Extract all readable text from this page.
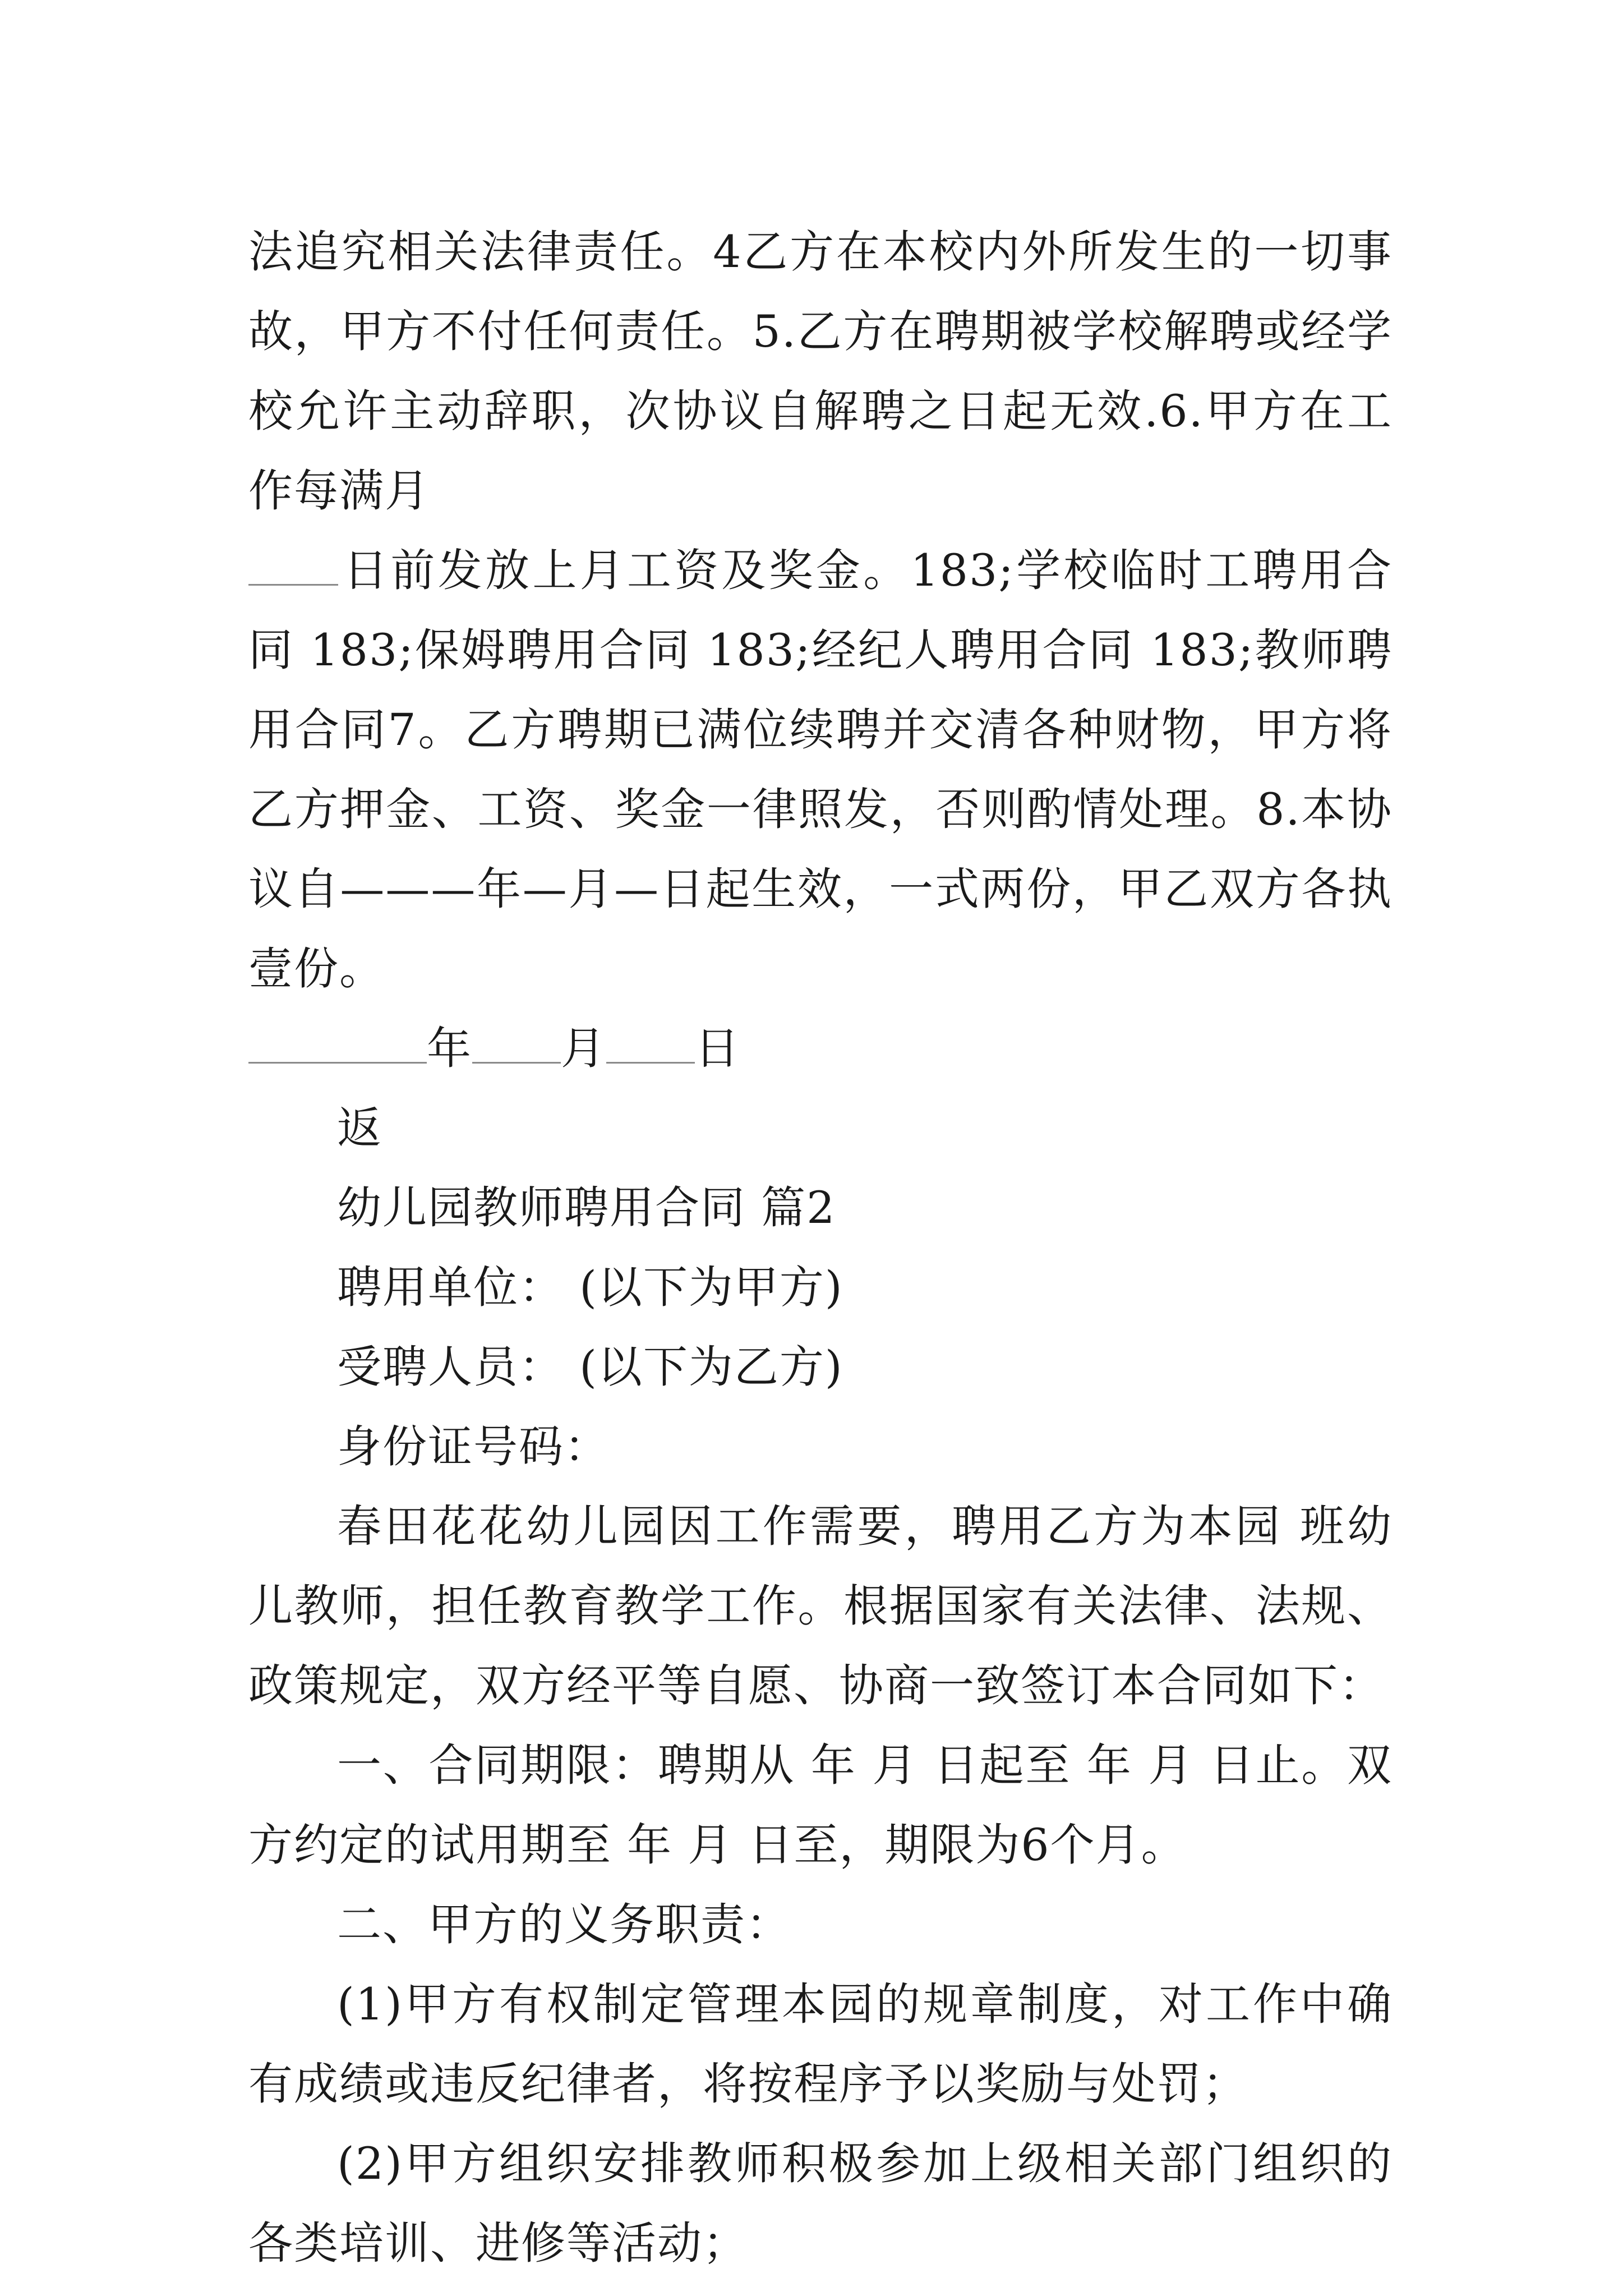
法追究相关法律责任。4乙方在本校内外所发生的一切事故，甲方不付任何责任。5.乙方在聘期被学校解聘或经学校允许主动辞职，次协议自解聘之日起无效.6.甲方在工作每满月
日前发放上月工资及奖金。183;学校临时工聘用合同 183;保姆聘用合同 183;经纪人聘用合同 183;教师聘用合同7。乙方聘期已满位续聘并交清各种财物，甲方将乙方押金、工资、奖金一律照发，否则酌情处理。8.本协议自———年—月—日起生效，一式两份，甲乙双方各执壹份。

年 月 日

返

幼儿园教师聘用合同 篇2

聘用单位： (以下为甲方)

受聘人员： (以下为乙方)

身份证号码：

春田花花幼儿园因工作需要，聘用乙方为本园 班幼儿教师，担任教育教学工作。根据国家有关法律、法规、政策规定，双方经平等自愿、协商一致签订本合同如下：

一、合同期限：聘期从 年 月 日起至 年 月 日止。双方约定的试用期至 年 月 日至，期限为6个月。

二、甲方的义务职责：

(1)甲方有权制定管理本园的规章制度，对工作中确有成绩或违反纪律者，将按程序予以奖励与处罚；

(2)甲方组织安排教师积极参加上级相关部门组织的各类培训、进修等活动；
